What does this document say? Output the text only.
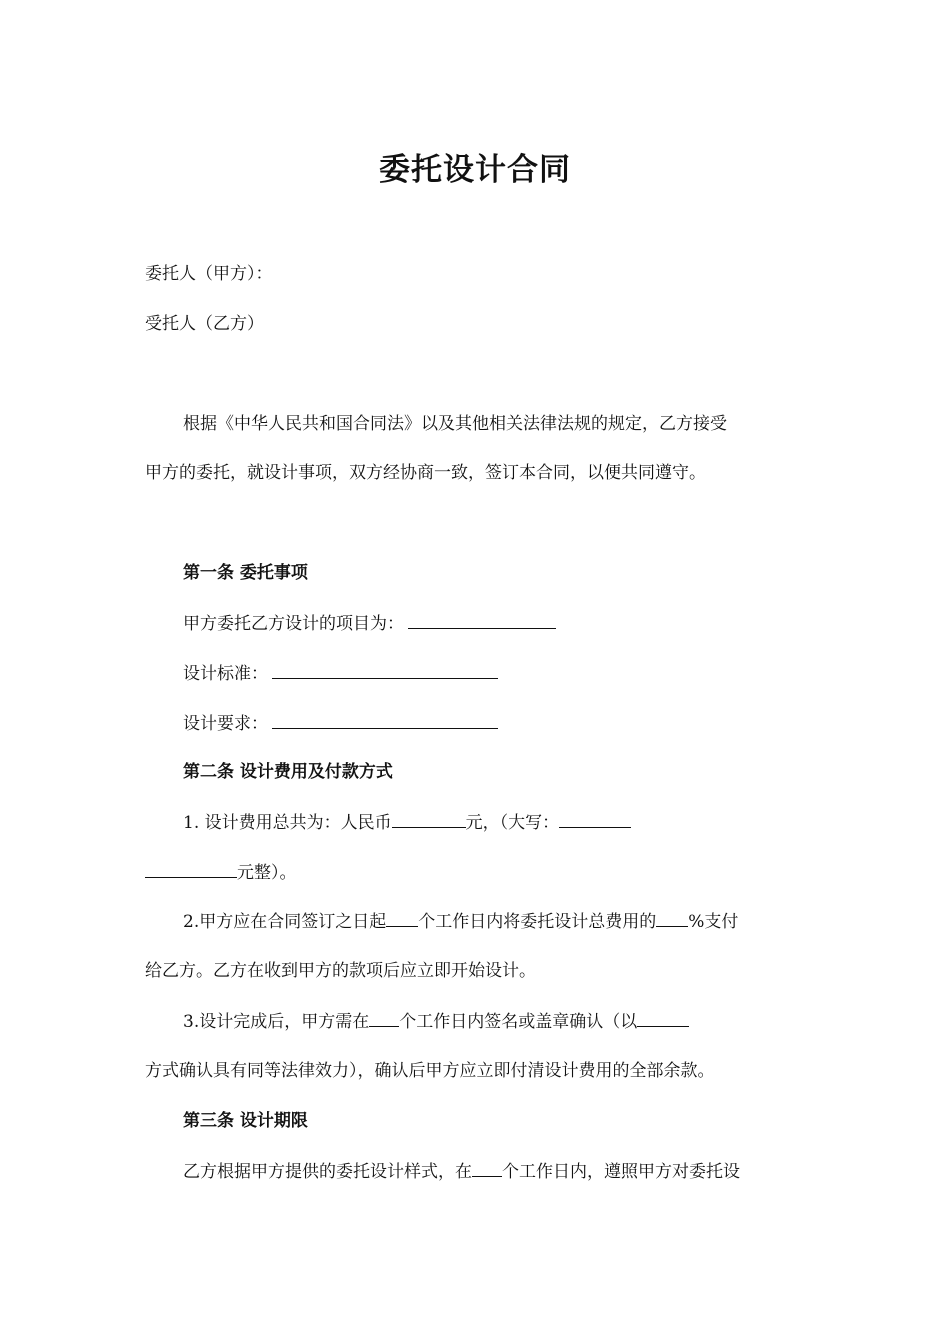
委托设计合同
委托人（甲方）：
受托人（乙方）
根据《中华人民共和国合同法》以及其他相关法律法规的规定，乙方接受
甲方的委托，就设计事项，双方经协商一致，签订本合同，以便共同遵守。
第一条 委托事项
甲方委托乙方设计的项目为：
设计标准：
设计要求：
第二条 设计费用及付款方式
1. 设计费用总共为：人民币	元，（大写：
元整）。
2.甲方应在合同签订之日起 个工作日内将委托设计总费用的 %支付
给乙方。乙方在收到甲方的款项后应立即开始设计。
3.设计完成后，甲方需在 个工作日内签名或盖章确认（以
方式确认具有同等法律效力），确认后甲方应立即付清设计费用的全部余款。
第三条 设计期限
乙方根据甲方提供的委托设计样式，在 个工作日内，遵照甲方对委托设
